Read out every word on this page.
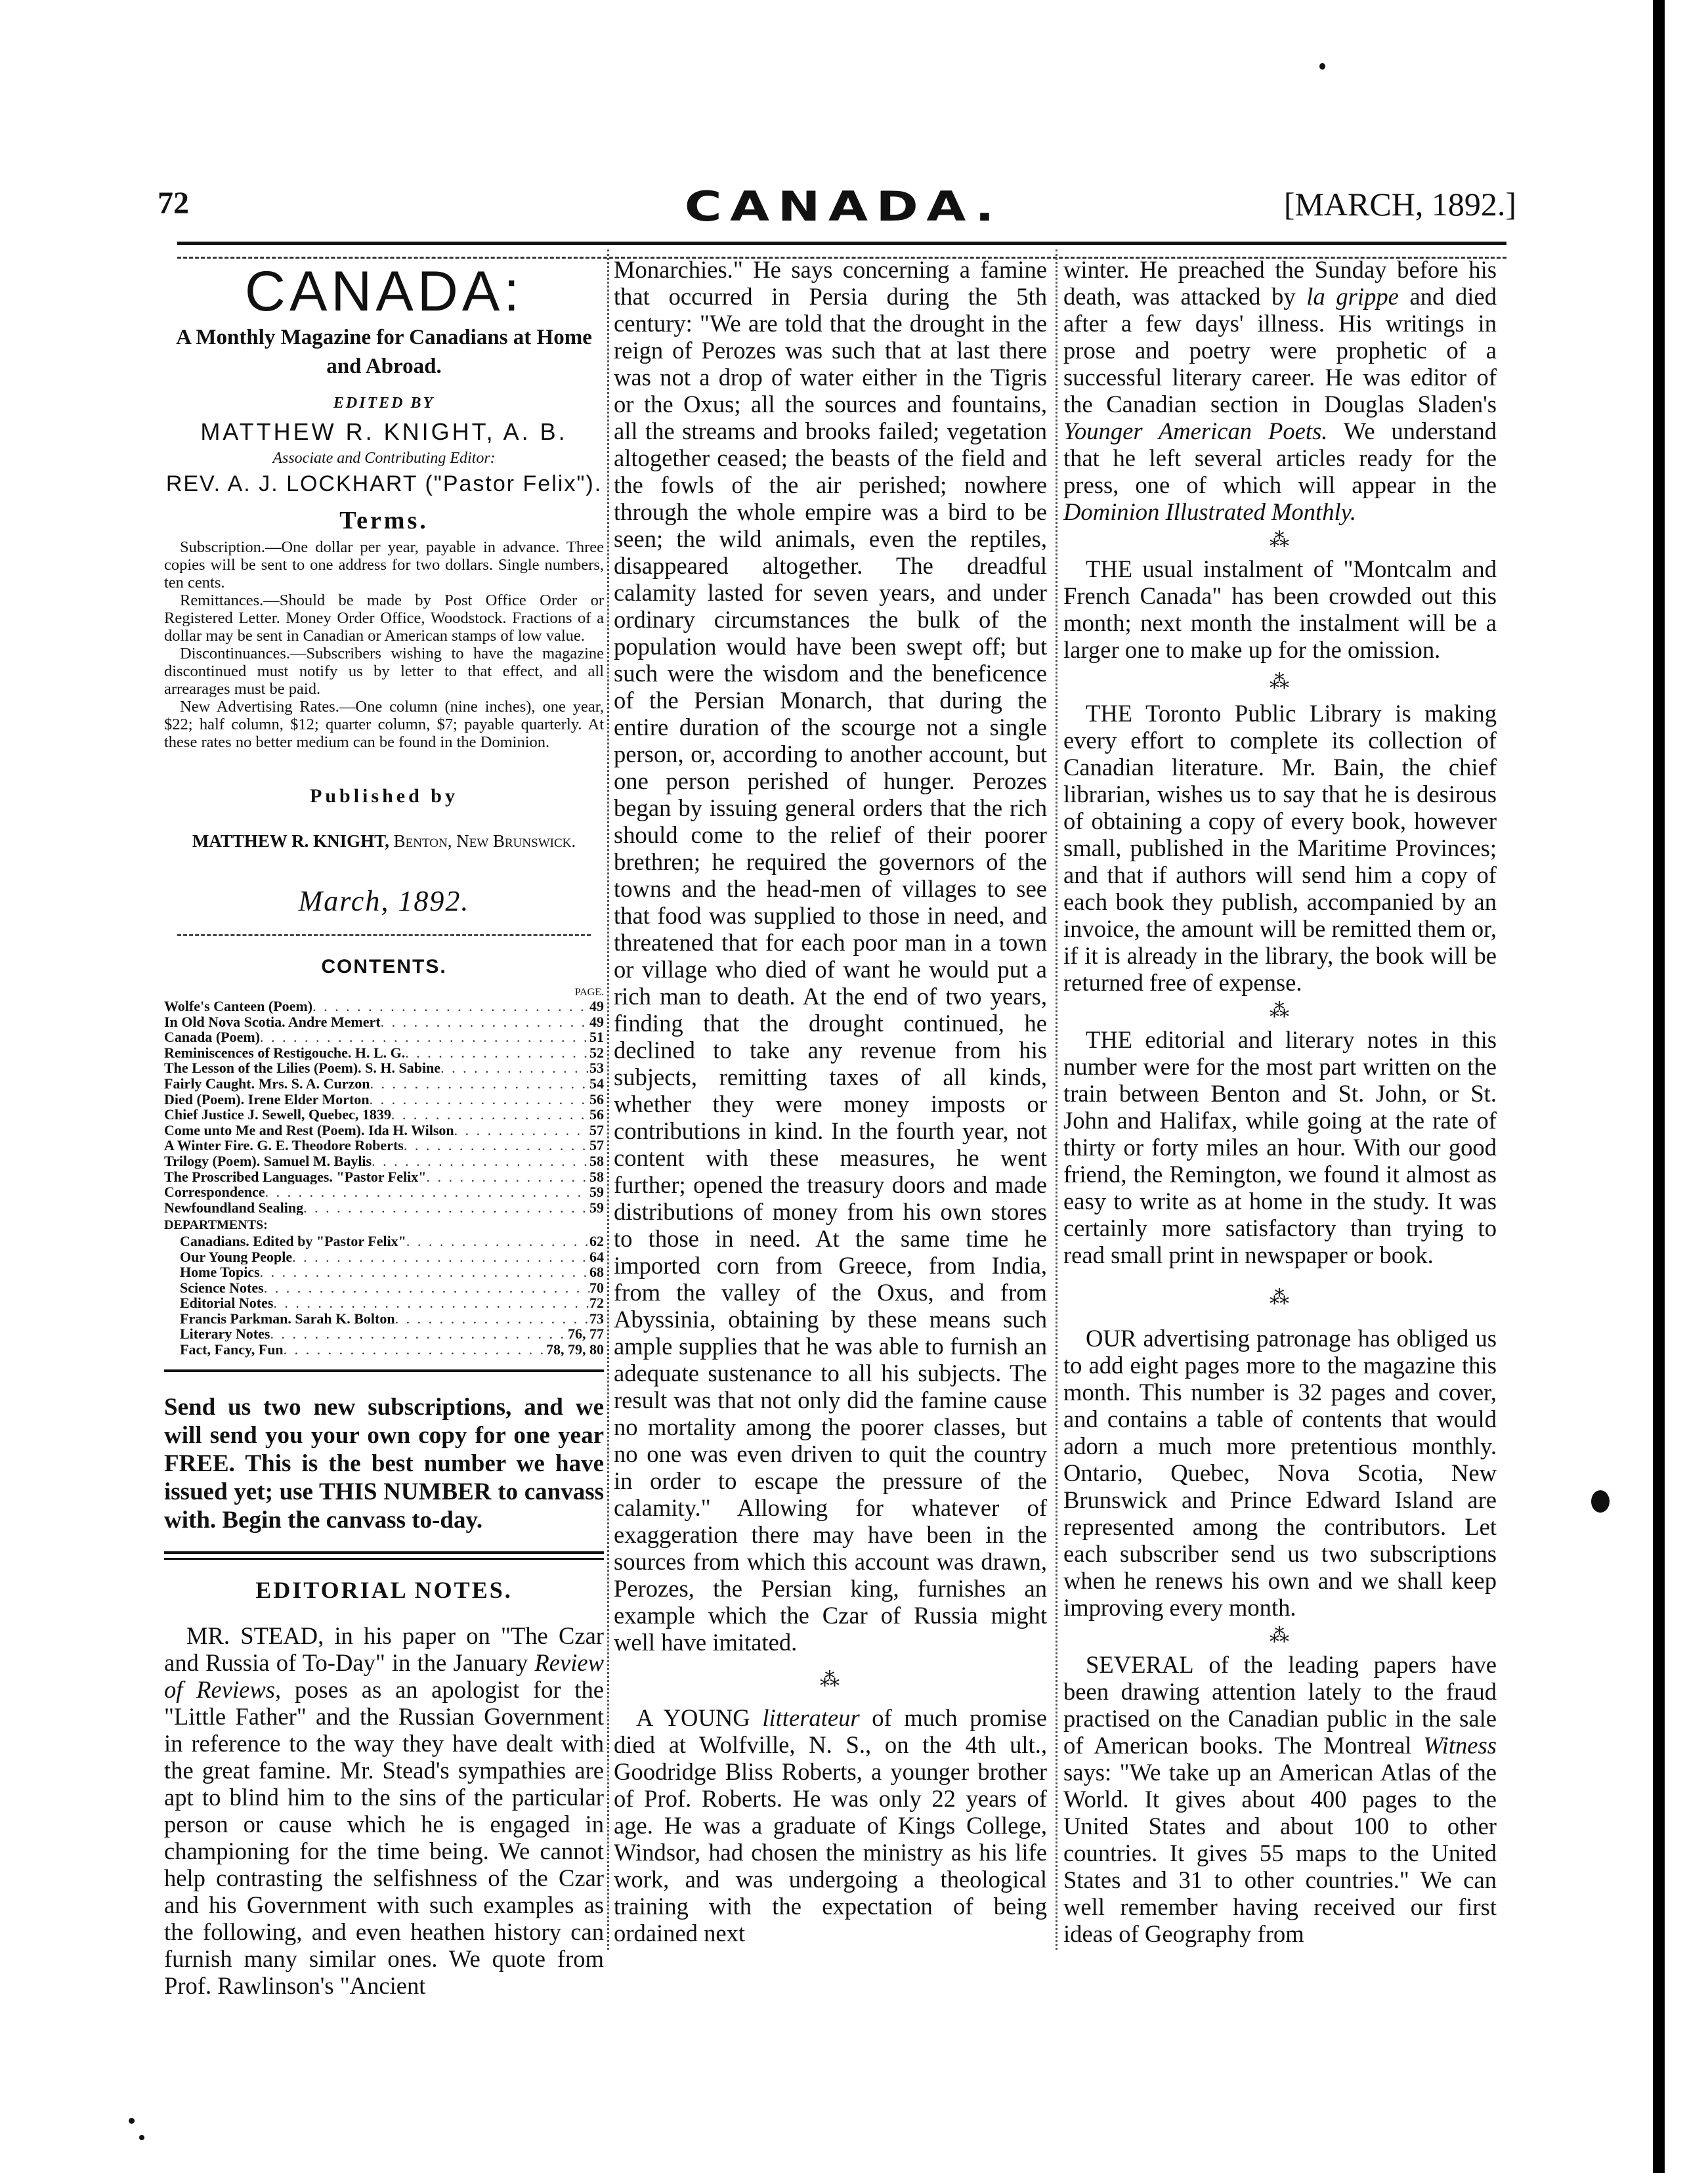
72	CANADA.	[MARCH, 1892.]
CANADA:
A Monthly Magazine for Canadians at Home and Abroad.
EDITED BY
MATTHEW R. KNIGHT, A. B.
Associate and Contributing Editor:
REV. A. J. LOCKHART ("Pastor Felix").
Terms.

Subscription.—One dollar per year, payable in advance. Three copies will be sent to one address for two dollars. Single numbers, ten cents.

Remittances.—Should be made by Post Office Order or Registered Letter. Money Order Office, Woodstock. Fractions of a dollar may be sent in Canadian or American stamps of low value.

Discontinuances.—Subscribers wishing to have the magazine discontinued must notify us by letter to that effect, and all arrearages must be paid.

New Advertising Rates.—One column (nine inches), one year, $22; half column, $12; quarter column, $7; payable quarterly. At these rates no better medium can be found in the Dominion.

Published by
MATTHEW R. KNIGHT, Benton, New Brunswick.
March, 1892.
CONTENTS.
PAGE.
Wolfe's Canteen (Poem) . . .	49
In Old Nova Scotia. Andre Memert . . .	49
Canada (Poem) . . .	51
Reminiscences of Restigouche. H. L. G. . . .	52
The Lesson of the Lilies (Poem). S. H. Sabine . . .	53
Fairly Caught. Mrs. S. A. Curzon . . .	54
Died (Poem). Irene Elder Morton . . .	56
Chief Justice J. Sewell, Quebec, 1839 . . .	56
Come unto Me and Rest (Poem). Ida H. Wilson . . .	57
A Winter Fire. G. E. Theodore Roberts . . .	57
Trilogy (Poem). Samuel M. Baylis . . .	58
The Proscribed Languages. "Pastor Felix" . . .	58
Correspondence . . .	59
Newfoundland Sealing . . .	59
DEPARTMENTS:
Canadians. Edited by "Pastor Felix" . . .	62
Our Young People . . .	64
Home Topics . . .	68
Science Notes . . .	70
Editorial Notes . . .	72
Francis Parkman. Sarah K. Bolton . . .	73
Literary Notes . . .	76, 77
Fact, Fancy, Fun . . .	78, 79, 80
Send us two new subscriptions, and we will send you your own copy for one year FREE. This is the best number we have issued yet; use THIS NUMBER to canvass with. Begin the canvass to-day.
EDITORIAL NOTES.

MR. STEAD, in his paper on "The Czar and Russia of To-Day" in the January Review of Reviews, poses as an apologist for the "Little Father" and the Russian Government in reference to the way they have dealt with the great famine. Mr. Stead's sympathies are apt to blind him to the sins of the particular person or cause which he is engaged in championing for the time being. We cannot help contrasting the selfishness of the Czar and his Government with such examples as the following, and even heathen history can furnish many similar ones. We quote from Prof. Rawlinson's "Ancient

Monarchies." He says concerning a famine that occurred in Persia during the 5th century: "We are told that the drought in the reign of Perozes was such that at last there was not a drop of water either in the Tigris or the Oxus; all the sources and fountains, all the streams and brooks failed; vegetation altogether ceased; the beasts of the field and the fowls of the air perished; nowhere through the whole empire was a bird to be seen; the wild animals, even the reptiles, disappeared altogether. The dreadful calamity lasted for seven years, and under ordinary circumstances the bulk of the population would have been swept off; but such were the wisdom and the beneficence of the Persian Monarch, that during the entire duration of the scourge not a single person, or, according to another account, but one person perished of hunger. Perozes began by issuing general orders that the rich should come to the relief of their poorer brethren; he required the governors of the towns and the head-men of villages to see that food was supplied to those in need, and threatened that for each poor man in a town or village who died of want he would put a rich man to death. At the end of two years, finding that the drought continued, he declined to take any revenue from his subjects, remitting taxes of all kinds, whether they were money imposts or contributions in kind. In the fourth year, not content with these measures, he went further; opened the treasury doors and made distributions of money from his own stores to those in need. At the same time he imported corn from Greece, from India, from the valley of the Oxus, and from Abyssinia, obtaining by these means such ample supplies that he was able to furnish an adequate sustenance to all his subjects. The result was that not only did the famine cause no mortality among the poorer classes, but no one was even driven to quit the country in order to escape the pressure of the calamity." Allowing for whatever of exaggeration there may have been in the sources from which this account was drawn, Perozes, the Persian king, furnishes an example which the Czar of Russia might well have imitated.

⁂

A YOUNG litterateur of much promise died at Wolfville, N. S., on the 4th ult., Goodridge Bliss Roberts, a younger brother of Prof. Roberts. He was only 22 years of age. He was a graduate of Kings College, Windsor, had chosen the ministry as his life work, and was undergoing a theological training with the expectation of being ordained next

winter. He preached the Sunday before his death, was attacked by la grippe and died after a few days' illness. His writings in prose and poetry were prophetic of a successful literary career. He was editor of the Canadian section in Douglas Sladen's Younger American Poets. We understand that he left several articles ready for the press, one of which will appear in the Dominion Illustrated Monthly.

⁂

THE usual instalment of "Montcalm and French Canada" has been crowded out this month; next month the instalment will be a larger one to make up for the omission.

⁂

THE Toronto Public Library is making every effort to complete its collection of Canadian literature. Mr. Bain, the chief librarian, wishes us to say that he is desirous of obtaining a copy of every book, however small, published in the Maritime Provinces; and that if authors will send him a copy of each book they publish, accompanied by an invoice, the amount will be remitted them or, if it is already in the library, the book will be returned free of expense.

⁂

THE editorial and literary notes in this number were for the most part written on the train between Benton and St. John, or St. John and Halifax, while going at the rate of thirty or forty miles an hour. With our good friend, the Remington, we found it almost as easy to write as at home in the study. It was certainly more satisfactory than trying to read small print in newspaper or book.

⁂

OUR advertising patronage has obliged us to add eight pages more to the magazine this month. This number is 32 pages and cover, and contains a table of contents that would adorn a much more pretentious monthly. Ontario, Quebec, Nova Scotia, New Brunswick and Prince Edward Island are represented among the contributors. Let each subscriber send us two subscriptions when he renews his own and we shall keep improving every month.

⁂

SEVERAL of the leading papers have been drawing attention lately to the fraud practised on the Canadian public in the sale of American books. The Montreal Witness says: "We take up an American Atlas of the World. It gives about 400 pages to the United States and about 100 to other countries. It gives 55 maps to the United States and 31 to other countries." We can well remember having received our first ideas of Geography from
